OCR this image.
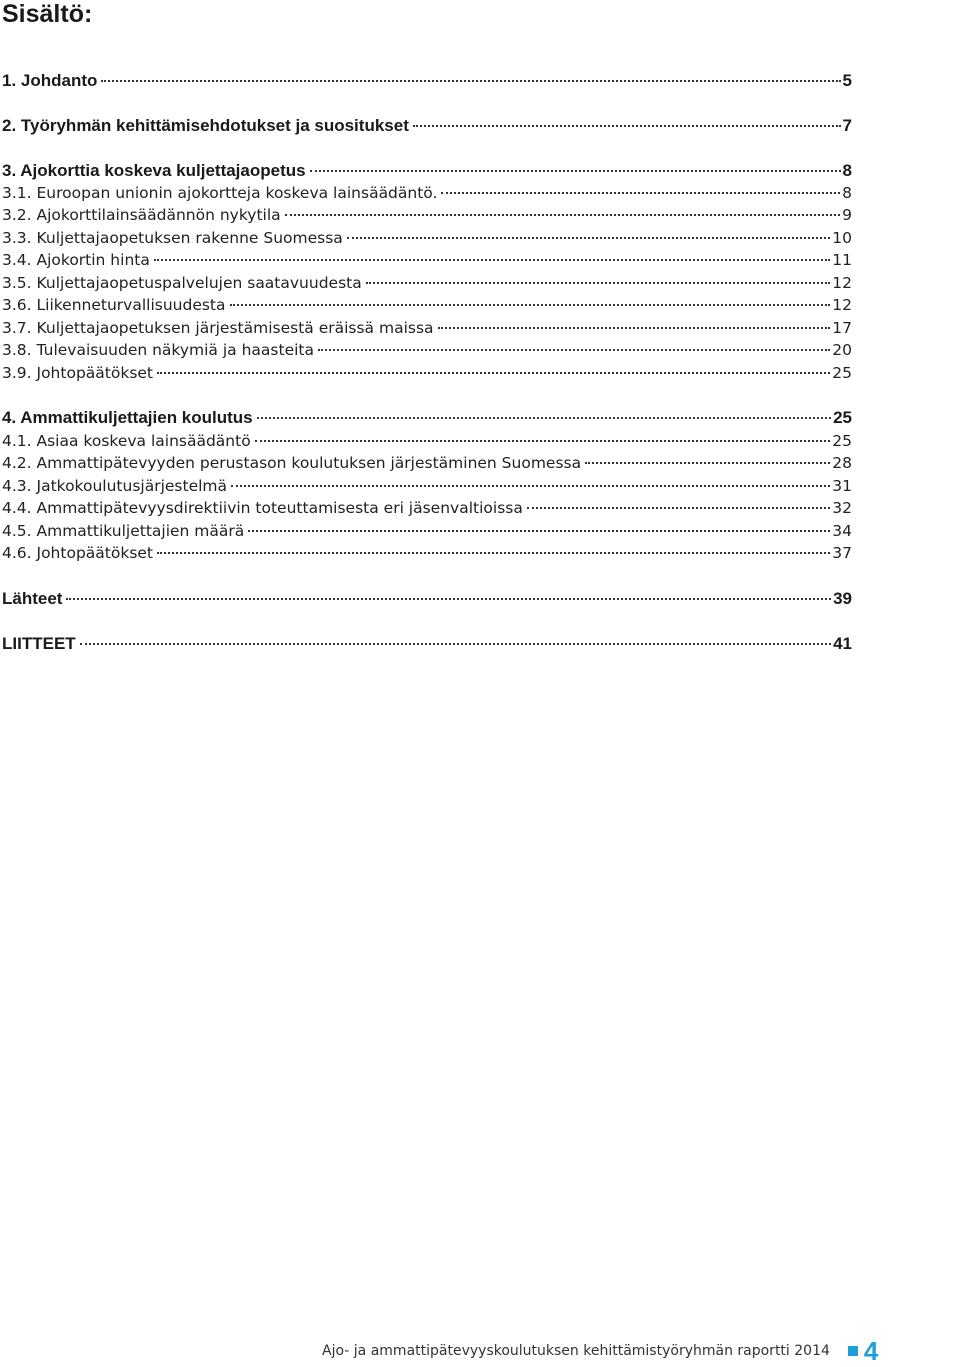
Sisältö:
1. Johdanto	5
2. Työryhmän kehittämisehdotukset ja suositukset	7
3. Ajokorttia koskeva kuljettajaopetus	8
3.1. Euroopan unionin ajokortteja koskeva lainsäädäntö.	8
3.2. Ajokorttilainsäädännön nykytila	9
3.3. Kuljettajaopetuksen rakenne Suomessa	10
3.4. Ajokortin hinta	11
3.5. Kuljettajaopetuspalvelujen saatavuudesta	12
3.6. Liikenneturvallisuudesta	12
3.7. Kuljettajaopetuksen järjestämisestä eräissä maissa	17
3.8. Tulevaisuuden näkymiä ja haasteita	20
3.9. Johtopäätökset	25
4. Ammattikuljettajien koulutus	25
4.1. Asiaa koskeva lainsäädäntö	25
4.2. Ammattipätevyyden perustason koulutuksen järjestäminen Suomessa	28
4.3. Jatkokoulutusjärjestelmä	31
4.4. Ammattipätevyysdirektiivin toteuttamisesta eri jäsenvaltioissa	32
4.5. Ammattikuljettajien määrä	34
4.6. Johtopäätökset	37
Lähteet	39
LIITTEET	41
Ajo- ja ammattipätevyyskoulutuksen kehittämistyöryhmän raportti 2014 4
